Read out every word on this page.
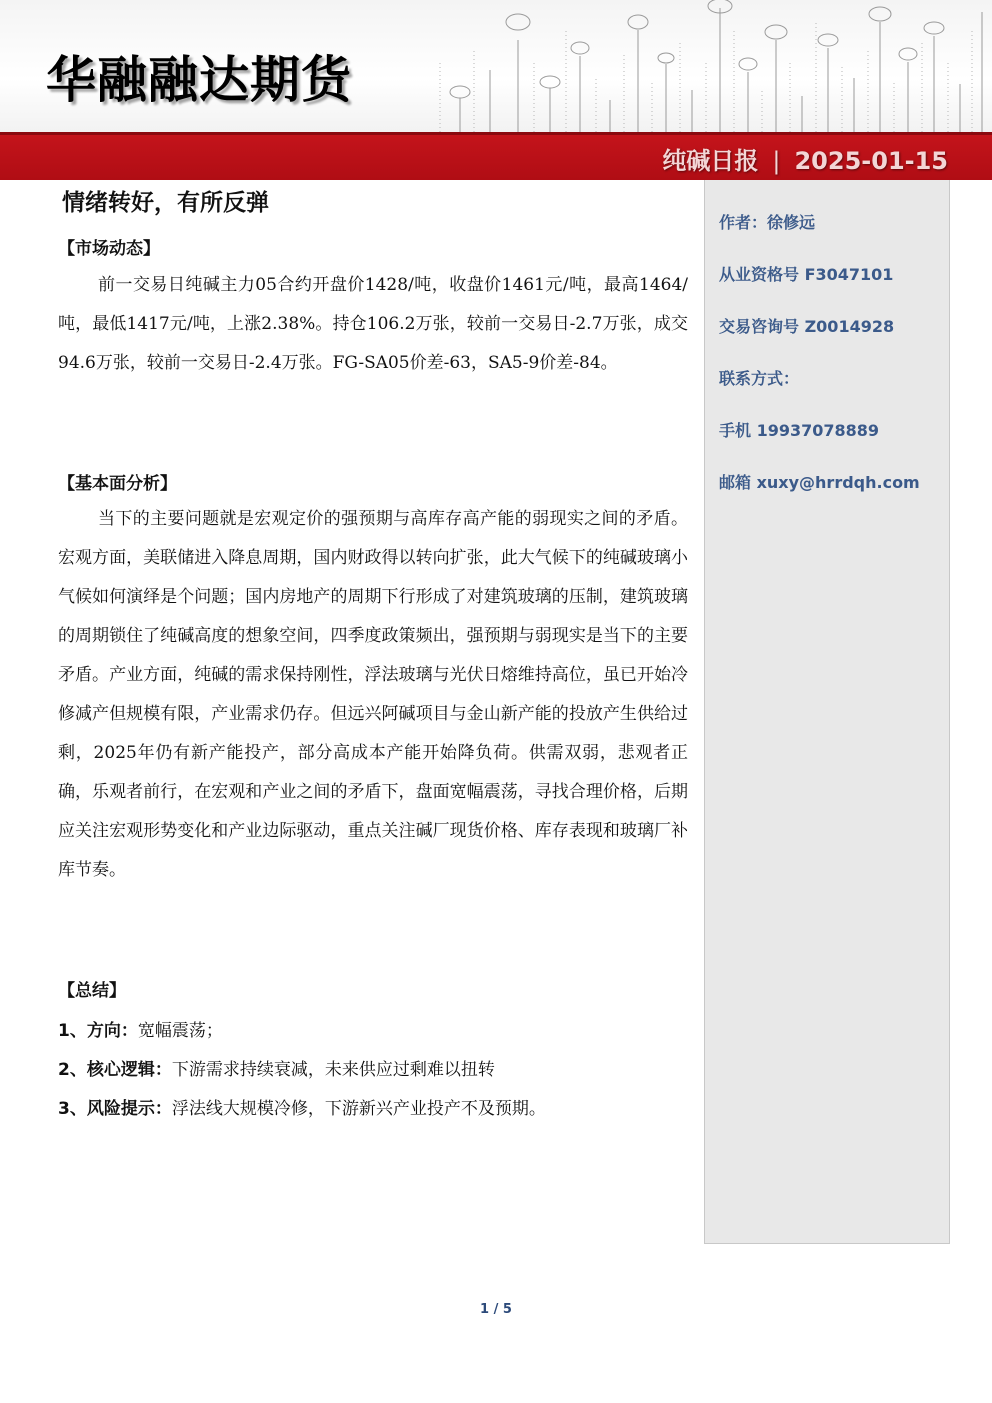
华融融达期货
纯碱日报 | 2025-01-15
情绪转好，有所反弹
【市场动态】
前一交易日纯碱主力05合约开盘价1428/吨，收盘价1461元/吨，最高1464/吨，最低1417元/吨，上涨2.38%。持仓106.2万张，较前一交易日-2.7万张，成交94.6万张，较前一交易日-2.4万张。FG-SA05价差-63，SA5-9价差-84。
【基本面分析】
当下的主要问题就是宏观定价的强预期与高库存高产能的弱现实之间的矛盾。宏观方面，美联储进入降息周期，国内财政得以转向扩张，此大气候下的纯碱玻璃小气候如何演绎是个问题；国内房地产的周期下行形成了对建筑玻璃的压制，建筑玻璃的周期锁住了纯碱高度的想象空间，四季度政策频出，强预期与弱现实是当下的主要矛盾。产业方面，纯碱的需求保持刚性，浮法玻璃与光伏日熔维持高位，虽已开始冷修减产但规模有限，产业需求仍存。但远兴阿碱项目与金山新产能的投放产生供给过剩，2025年仍有新产能投产，部分高成本产能开始降负荷。供需双弱，悲观者正确，乐观者前行，在宏观和产业之间的矛盾下，盘面宽幅震荡，寻找合理价格，后期应关注宏观形势变化和产业边际驱动，重点关注碱厂现货价格、库存表现和玻璃厂补库节奏。
【总结】
1、方向：宽幅震荡；
2、核心逻辑：下游需求持续衰减，未来供应过剩难以扭转
3、风险提示：浮法线大规模冷修，下游新兴产业投产不及预期。
作者：徐修远
从业资格号 F3047101
交易咨询号 Z0014928
联系方式：
手机 19937078889
邮箱 xuxy@hrrdqh.com
1 / 5
